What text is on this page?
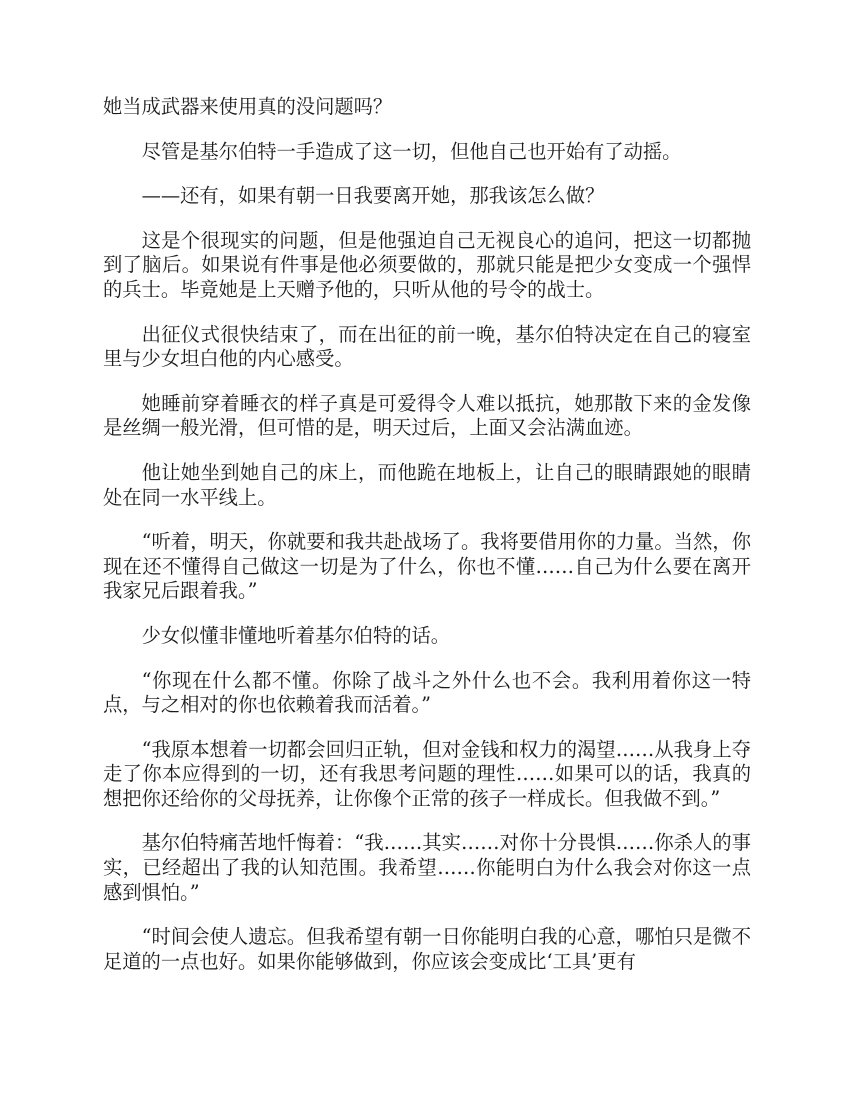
她当成武器来使用真的没问题吗？

尽管是基尔伯特一手造成了这一切，但他自己也开始有了动摇。

——还有，如果有朝一日我要离开她，那我该怎么做？

这是个很现实的问题，但是他强迫自己无视良心的追问，把这一切都抛到了脑后。如果说有件事是他必须要做的，那就只能是把少女变成一个强悍的兵士。毕竟她是上天赠予他的，只听从他的号令的战士。

出征仪式很快结束了，而在出征的前一晚，基尔伯特决定在自己的寝室里与少女坦白他的内心感受。

她睡前穿着睡衣的样子真是可爱得令人难以抵抗，她那散下来的金发像是丝绸一般光滑，但可惜的是，明天过后，上面又会沾满血迹。

他让她坐到她自己的床上，而他跪在地板上，让自己的眼睛跟她的眼睛处在同一水平线上。

“听着，明天，你就要和我共赴战场了。我将要借用你的力量。当然，你现在还不懂得自己做这一切是为了什么，你也不懂……自己为什么要在离开我家兄后跟着我。”

少女似懂非懂地听着基尔伯特的话。

“你现在什么都不懂。你除了战斗之外什么也不会。我利用着你这一特点，与之相对的你也依赖着我而活着。”

“我原本想着一切都会回归正轨，但对金钱和权力的渴望……从我身上夺走了你本应得到的一切，还有我思考问题的理性……如果可以的话，我真的想把你还给你的父母抚养，让你像个正常的孩子一样成长。但我做不到。”

基尔伯特痛苦地忏悔着：“我……其实……对你十分畏惧……你杀人的事实，已经超出了我的认知范围。我希望……你能明白为什么我会对你这一点感到惧怕。”

“时间会使人遗忘。但我希望有朝一日你能明白我的心意，哪怕只是微不足道的一点也好。如果你能够做到，你应该会变成比‘工具’更有
